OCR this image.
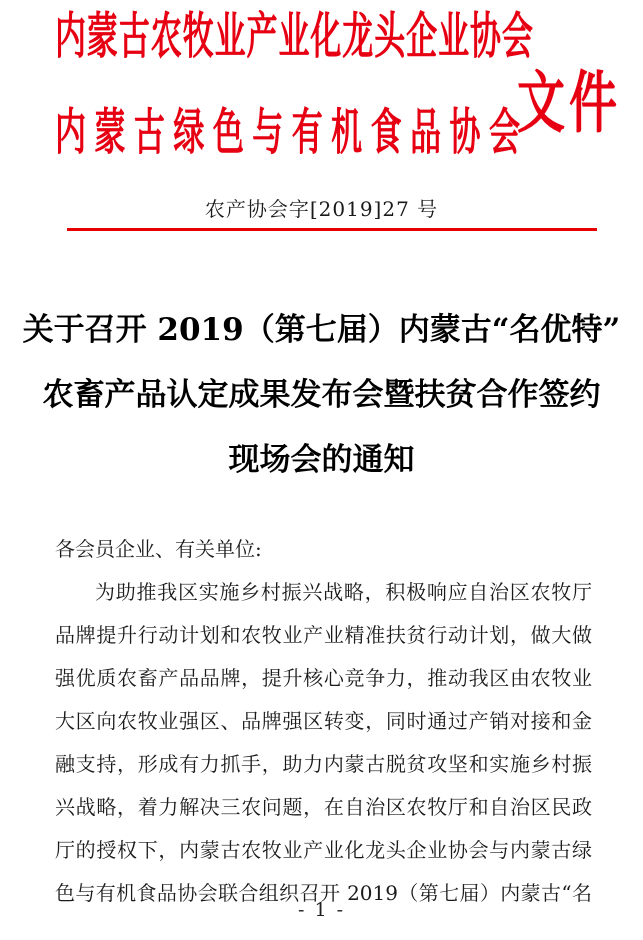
内 蒙 古 农 牧 业 产 业 化 龙 头 企 业 协 会
文件
内 蒙 古 绿 色 与 有 机 食 品 协 会
农产协会字[2019]27 号
关于召开 2019（第七届）内蒙古“名优特”
农畜产品认定成果发布会暨扶贫合作签约
现场会的通知
各会员企业、有关单位:
为助推我区实施乡村振兴战略，积极响应自治区农牧厅
品牌提升行动计划和农牧业产业精准扶贫行动计划，做大做
强优质农畜产品品牌，提升核心竞争力，推动我区由农牧业
大区向农牧业强区、品牌强区转变，同时通过产销对接和金
融支持，形成有力抓手，助力内蒙古脱贫攻坚和实施乡村振
兴战略，着力解决三农问题，在自治区农牧厅和自治区民政
厅的授权下，内蒙古农牧业产业化龙头企业协会与内蒙古绿
色与有机食品协会联合组织召开 2019（第七届）内蒙古“名
- 1 -
